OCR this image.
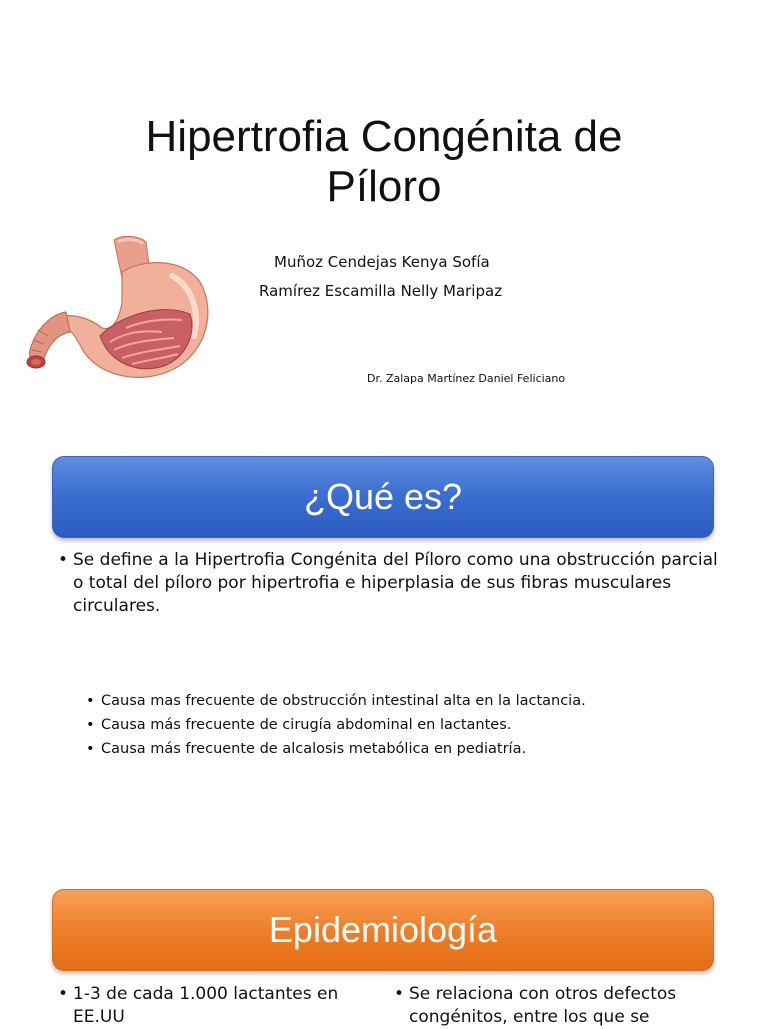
Hipertrofia Congénita de Píloro
Muñoz Cendejas Kenya Sofía
Ramírez Escamilla Nelly Maripaz
Dr. Zalapa Martínez Daniel Feliciano
¿Qué es?
• Se define a la Hipertrofia Congénita del Píloro como una obstrucción parcial o total del píloro por hipertrofia e hiperplasia de sus fibras musculares circulares.
• Causa mas frecuente de obstrucción intestinal alta en la lactancia.
• Causa más frecuente de cirugía abdominal en lactantes.
• Causa más frecuente de alcalosis metabólica en pediatría.
Epidemiología
• 1-3 de cada 1.000 lactantes en EE.UU
• Se relaciona con otros defectos congénitos, entre los que se
